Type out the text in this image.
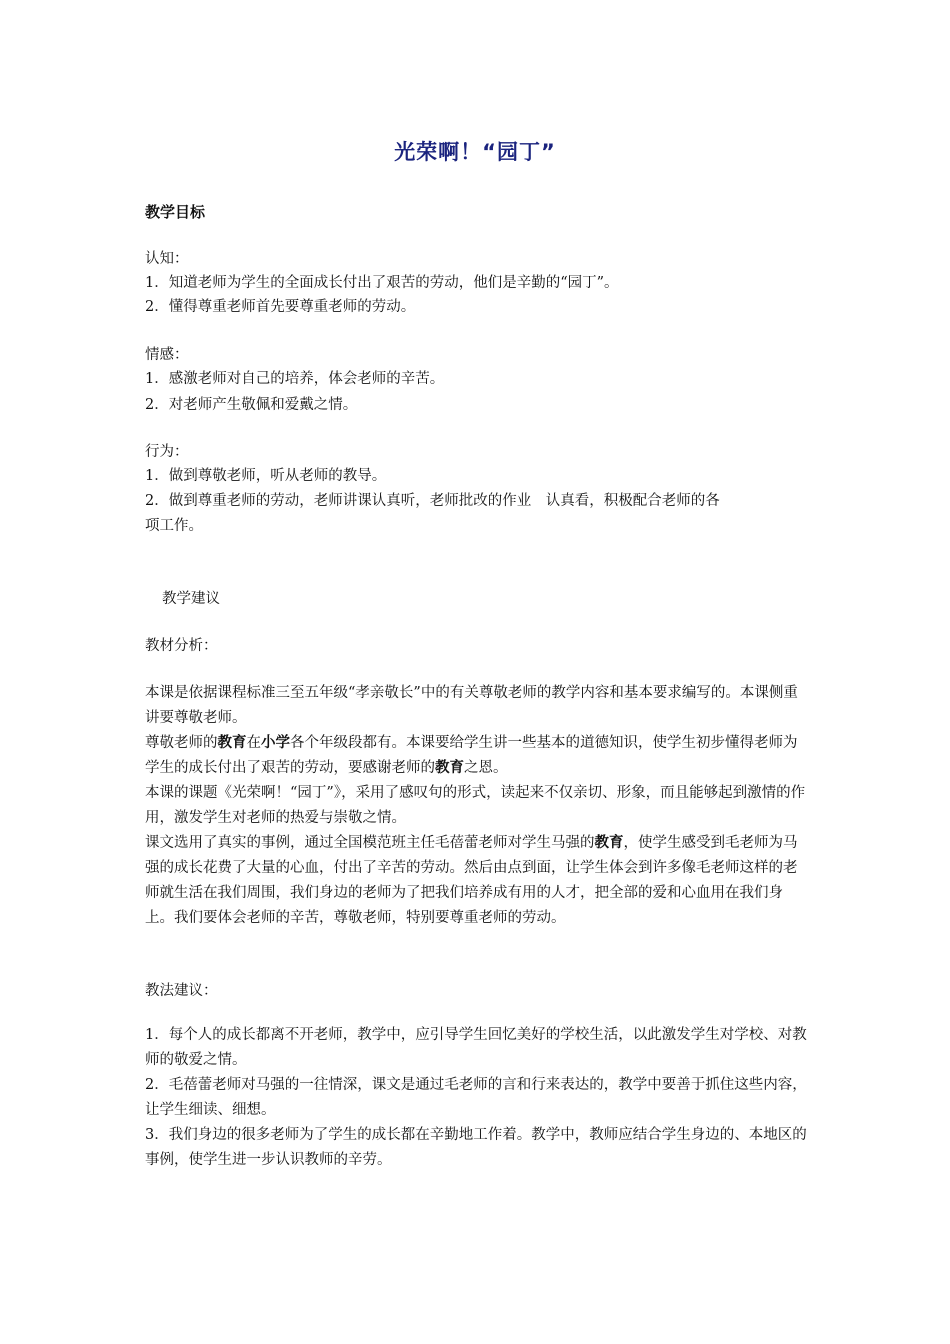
光荣啊！“园丁”
教学目标
认知：
1．知道老师为学生的全面成长付出了艰苦的劳动，他们是辛勤的“园丁”。
2．懂得尊重老师首先要尊重老师的劳动。
情感：
1．感激老师对自己的培养，体会老师的辛苦。
2．对老师产生敬佩和爱戴之情。
行为：
1．做到尊敬老师，听从老师的教导。
2．做到尊重老师的劳动，老师讲课认真听，老师批改的作业　认真看，积极配合老师的各
项工作。
教学建议
教材分析：

本课是依据课程标准三至五年级“孝亲敬长”中的有关尊敬老师的教学内容和基本要求编写的。本课侧重讲要尊敬老师。

尊敬老师的教育在小学各个年级段都有。本课要给学生讲一些基本的道德知识，使学生初步懂得老师为学生的成长付出了艰苦的劳动，要感谢老师的教育之恩。

本课的课题《光荣啊！“园丁”》，采用了感叹句的形式，读起来不仅亲切、形象，而且能够起到激情的作用，激发学生对老师的热爱与崇敬之情。

课文选用了真实的事例，通过全国模范班主任毛蓓蕾老师对学生马强的教育，使学生感受到毛老师为马强的成长花费了大量的心血，付出了辛苦的劳动。然后由点到面，让学生体会到许多像毛老师这样的老师就生活在我们周围，我们身边的老师为了把我们培养成有用的人才，把全部的爱和心血用在我们身上。我们要体会老师的辛苦，尊敬老师，特别要尊重老师的劳动。

教法建议：

1．每个人的成长都离不开老师，教学中，应引导学生回忆美好的学校生活，以此激发学生对学校、对教师的敬爱之情。

2．毛蓓蕾老师对马强的一往情深，课文是通过毛老师的言和行来表达的，教学中要善于抓住这些内容，让学生细读、细想。

3．我们身边的很多老师为了学生的成长都在辛勤地工作着。教学中，教师应结合学生身边的、本地区的事例，使学生进一步认识教师的辛劳。
